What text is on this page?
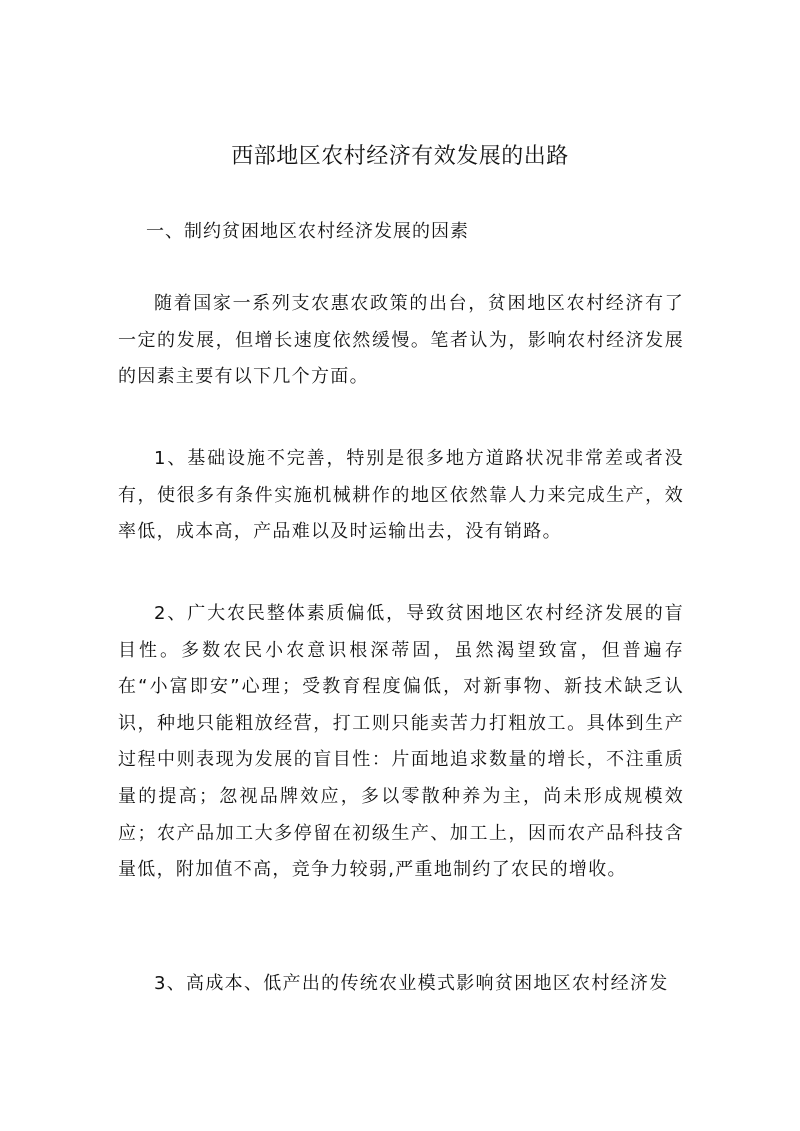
西部地区农村经济有效发展的出路

一、制约贫困地区农村经济发展的因素

随着国家一系列支农惠农政策的出台，贫困地区农村经济有了一定的发展，但增长速度依然缓慢。笔者认为，影响农村经济发展的因素主要有以下几个方面。

1、基础设施不完善，特别是很多地方道路状况非常差或者没有，使很多有条件实施机械耕作的地区依然靠人力来完成生产，效率低，成本高，产品难以及时运输出去，没有销路。

2、广大农民整体素质偏低，导致贫困地区农村经济发展的盲目性。多数农民小农意识根深蒂固，虽然渴望致富，但普遍存在“小富即安”心理；受教育程度偏低，对新事物、新技术缺乏认识，种地只能粗放经营，打工则只能卖苦力打粗放工。具体到生产过程中则表现为发展的盲目性：片面地追求数量的增长，不注重质量的提高；忽视品牌效应，多以零散种养为主，尚未形成规模效应；农产品加工大多停留在初级生产、加工上，因而农产品科技含量低，附加值不高，竞争力较弱,严重地制约了农民的增收。

3、高成本、低产出的传统农业模式影响贫困地区农村经济发
